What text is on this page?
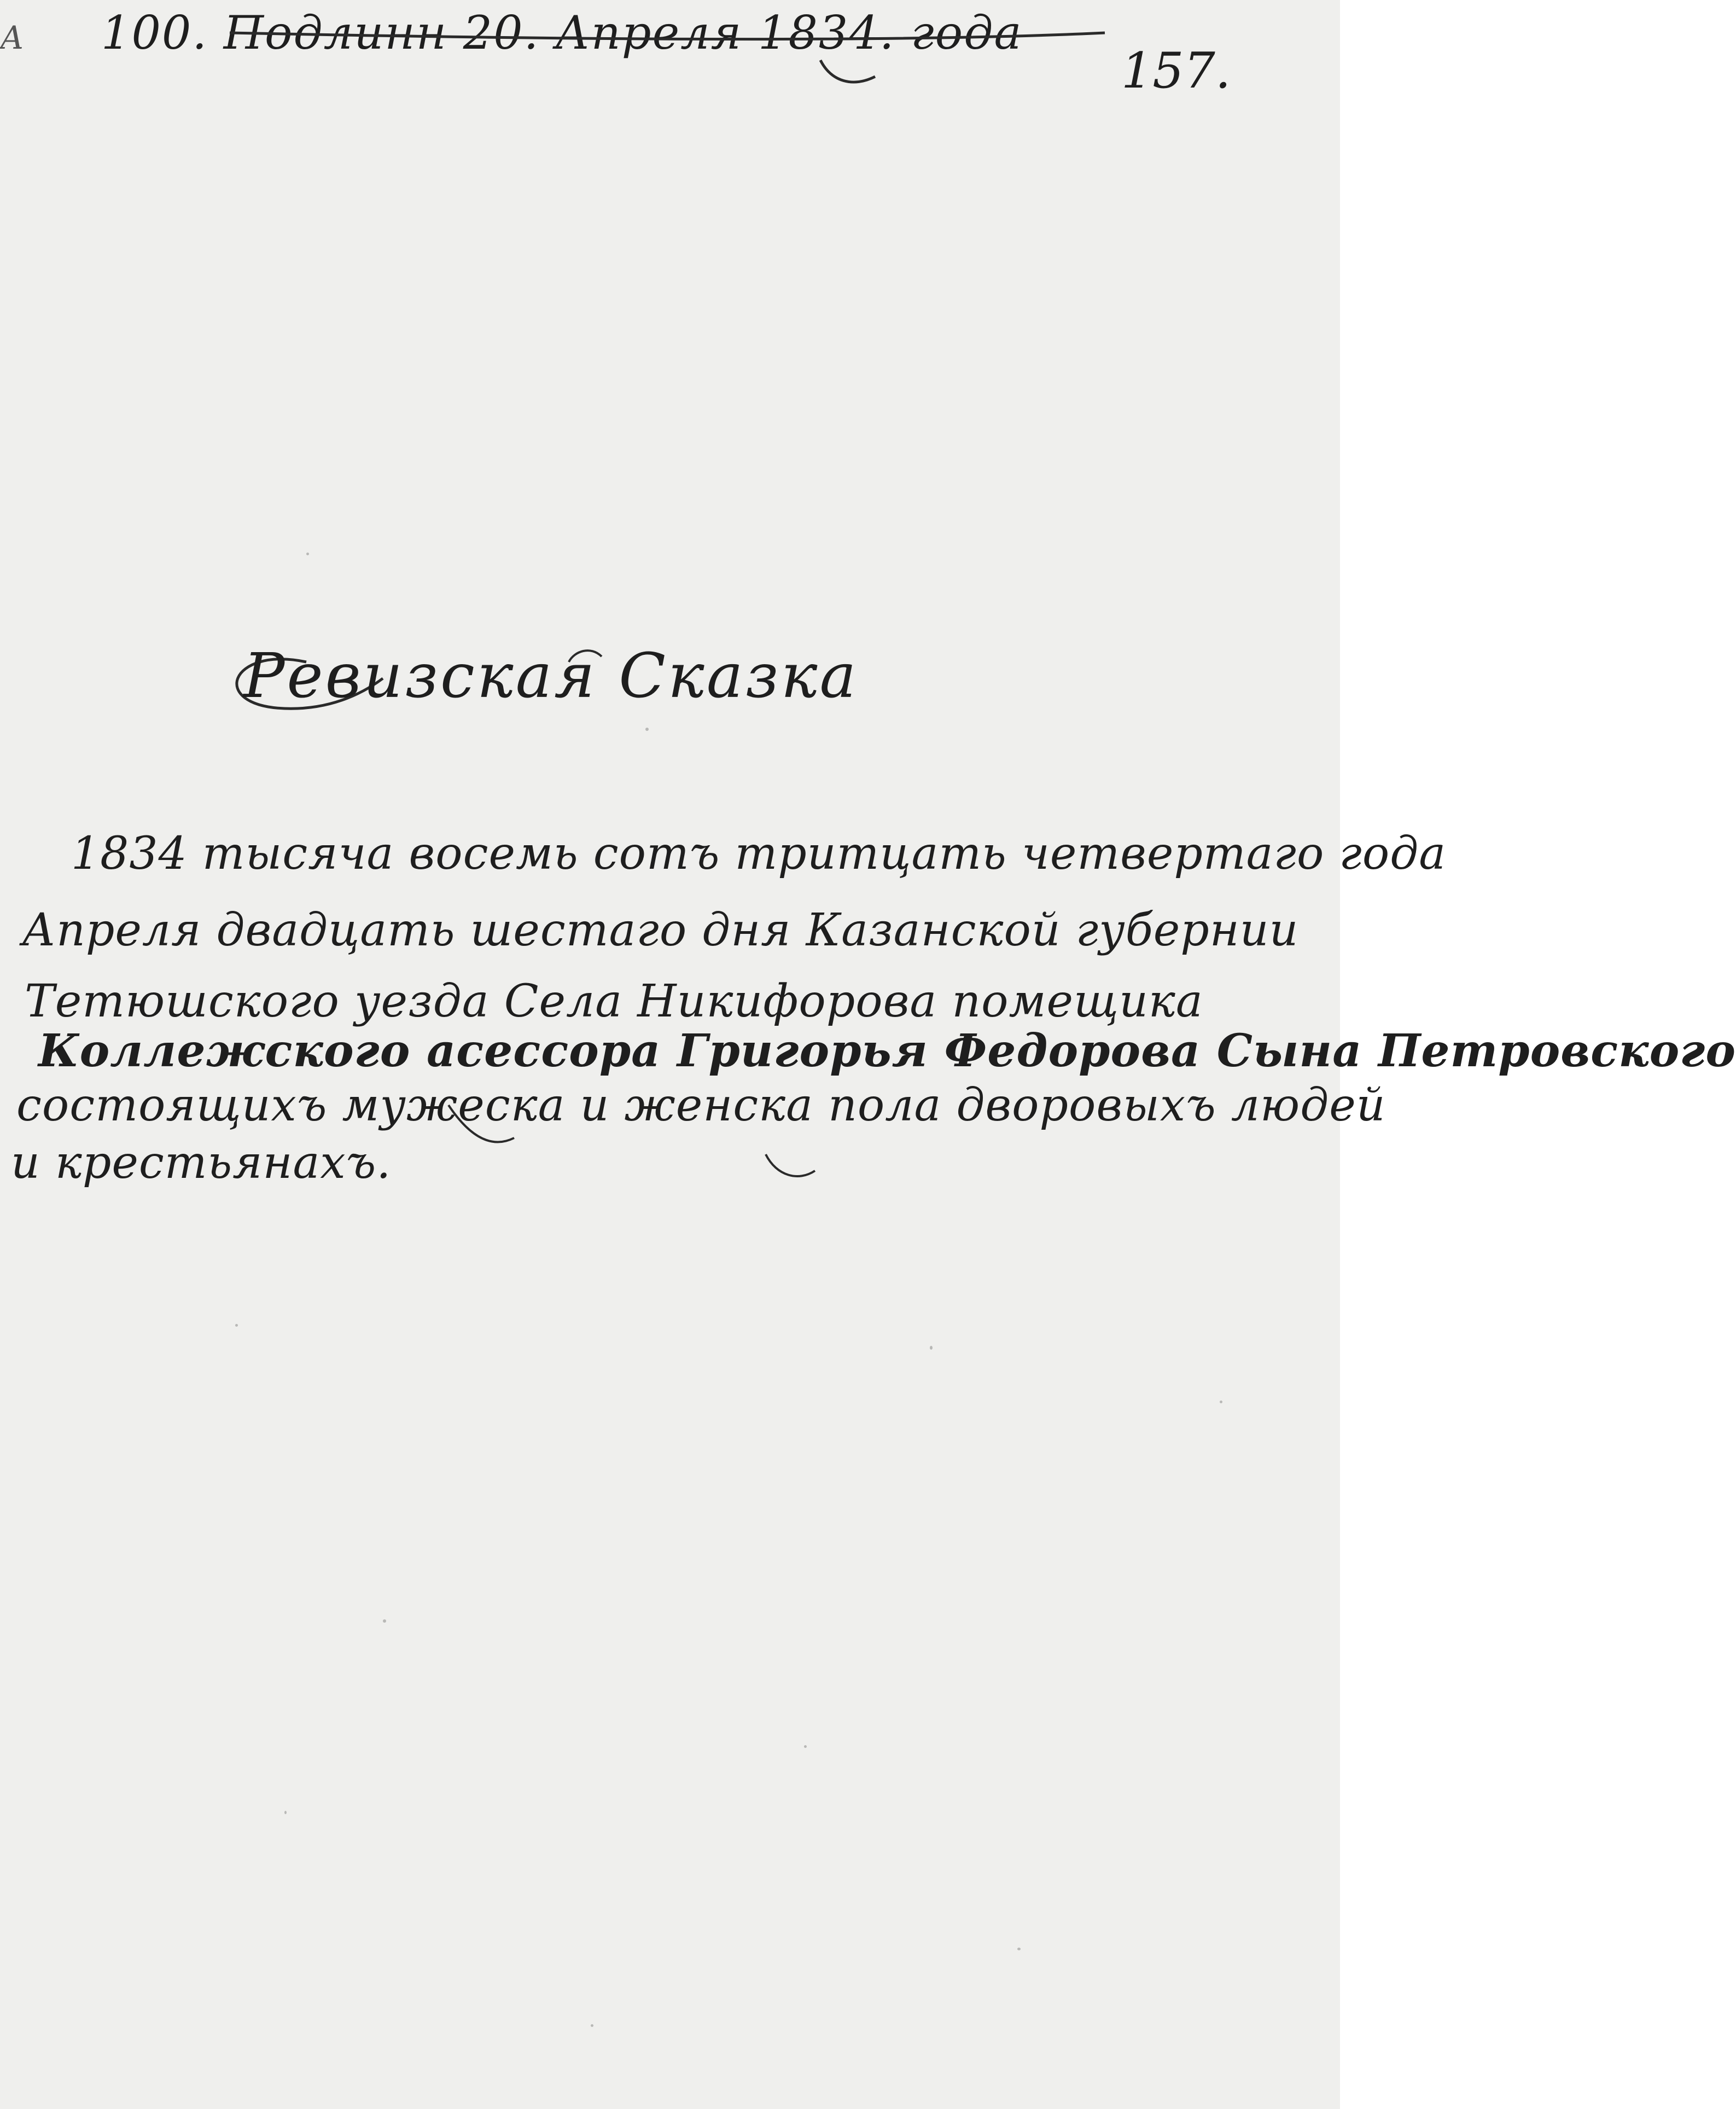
А 100. Подлинн 20. Апреля 1834. года
157.
Ревизская Сказка
1834 тысяча восемь сотъ тритцать четвертаго года
Апреля двадцать шестаго дня Казанской губернии
Тетюшского уезда Села Никифорова помещика
Коллежского асессора Григорья Федорова Сына Петровского
состоящихъ мужеска и женска пола дворовыхъ людей
и крестьянахъ.
